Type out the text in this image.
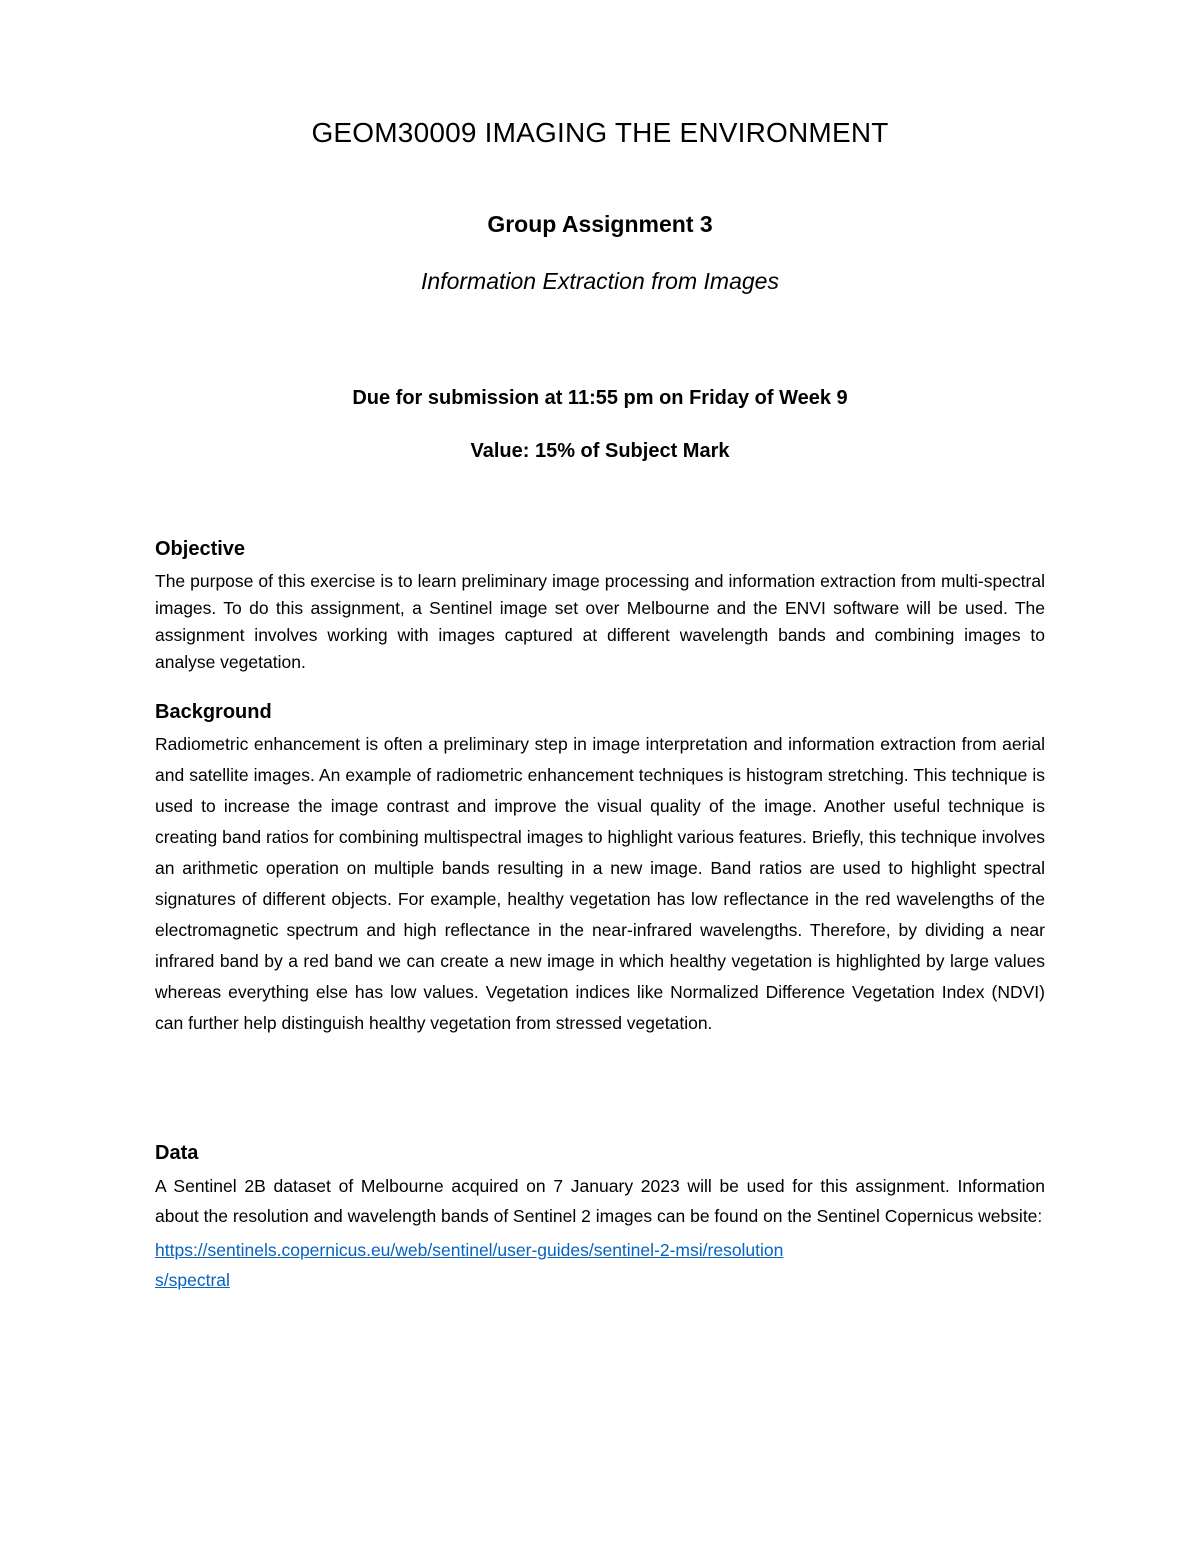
GEOM30009 IMAGING THE ENVIRONMENT
Group Assignment 3
Information Extraction from Images
Due for submission at 11:55 pm on Friday of Week 9
Value: 15% of Subject Mark
Objective

The purpose of this exercise is to learn preliminary image processing and information extraction from multi-spectral images. To do this assignment, a Sentinel image set over Melbourne and the ENVI software will be used. The assignment involves working with images captured at different wavelength bands and combining images to analyse vegetation.

Background

Radiometric enhancement is often a preliminary step in image interpretation and information extraction from aerial and satellite images. An example of radiometric enhancement techniques is histogram stretching. This technique is used to increase the image contrast and improve the visual quality of the image. Another useful technique is creating band ratios for combining multispectral images to highlight various features. Briefly, this technique involves an arithmetic operation on multiple bands resulting in a new image. Band ratios are used to highlight spectral signatures of different objects. For example, healthy vegetation has low reflectance in the red wavelengths of the electromagnetic spectrum and high reflectance in the near-infrared wavelengths. Therefore, by dividing a near infrared band by a red band we can create a new image in which healthy vegetation is highlighted by large values whereas everything else has low values. Vegetation indices like Normalized Difference Vegetation Index (NDVI) can further help distinguish healthy vegetation from stressed vegetation.

Data

A Sentinel 2B dataset of Melbourne acquired on 7 January 2023 will be used for this assignment. Information about the resolution and wavelength bands of Sentinel 2 images can be found on the Sentinel Copernicus website:

https://sentinels.copernicus.eu/web/sentinel/user-guides/sentinel-2-msi/resolutions/spectral
